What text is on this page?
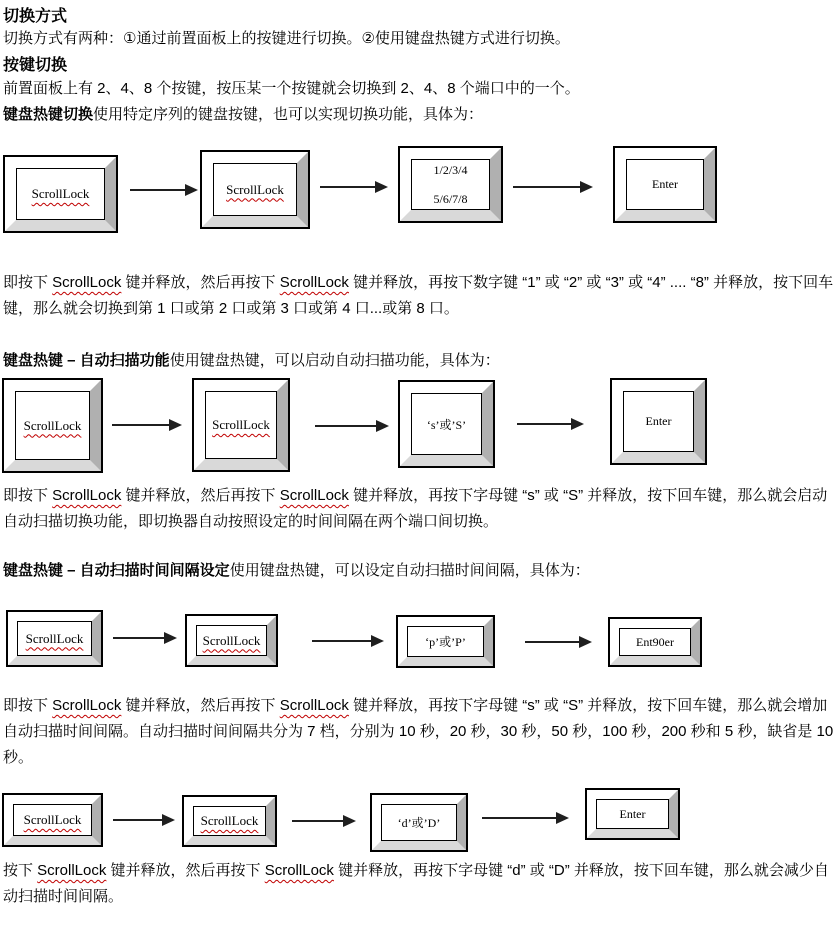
切换方式
切换方式有两种：①通过前置面板上的按键进行切换。②使用键盘热键方式进行切换。
按键切换
前置面板上有 2、4、8 个按键，按压某一个按键就会切换到 2、4、8 个端口中的一个。
键盘热键切换使用特定序列的键盘按键，也可以实现切换功能，具体为：
ScrollLock	ScrollLock
1/2/3/4
5/6/7/8
Enter
即按下 ScrollLock 键并释放，然后再按下 ScrollLock 键并释放，再按下数字键 “1” 或 “2” 或 “3” 或 “4” .... “8” 并释放，按下回车键，那么就会切换到第 1 口或第 2 口或第 3 口或第 4 口...或第 8 口。
键盘热键 – 自动扫描功能使用键盘热键，可以启动自动扫描功能，具体为：
ScrollLock	ScrollLock	‘s’或’S’	Enter
即按下 ScrollLock 键并释放，然后再按下 ScrollLock 键并释放，再按下字母键 “s” 或 “S” 并释放，按下回车键，那么就会启动自动扫描切换功能，即切换器自动按照设定的时间间隔在两个端口间切换。
键盘热键 – 自动扫描时间间隔设定使用键盘热键，可以设定自动扫描时间间隔，具体为：
ScrollLock	ScrollLock	‘p’或’P’	Ent90er
即按下 ScrollLock 键并释放，然后再按下 ScrollLock 键并释放，再按下字母键 “s” 或 “S” 并释放，按下回车键，那么就会增加自动扫描时间间隔。自动扫描时间间隔共分为 7 档，分别为 10 秒，20 秒，30 秒，50 秒，100 秒，200 秒和 5 秒，缺省是 10 秒。
ScrollLock	ScrollLock	‘d’或’D’
Enter
按下 ScrollLock 键并释放，然后再按下 ScrollLock 键并释放，再按下字母键 “d” 或 “D” 并释放，按下回车键，那么就会减少自动扫描时间间隔。
